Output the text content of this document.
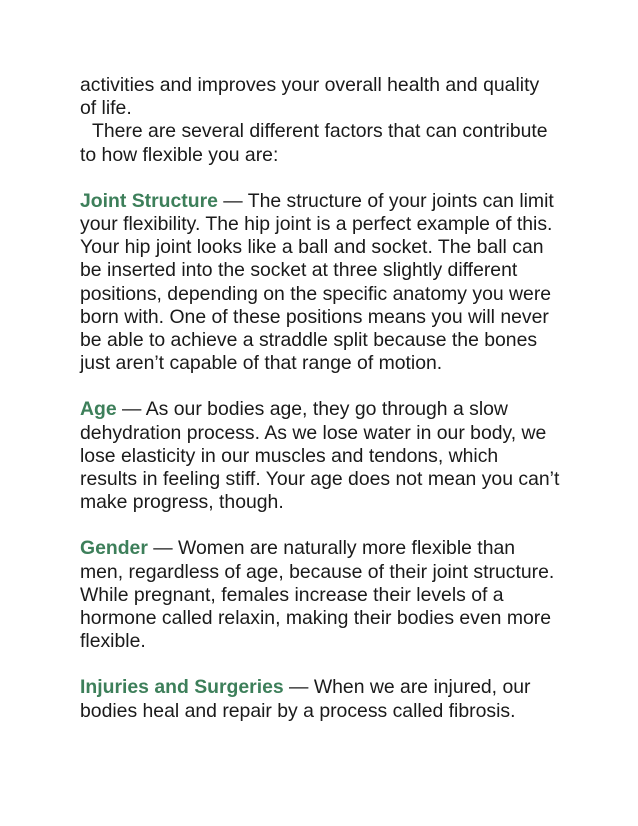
activities and improves your overall health and quality of life.

There are several different factors that can contribute to how flexible you are:

Joint Structure — The structure of your joints can limit your flexibility. The hip joint is a perfect example of this. Your hip joint looks like a ball and socket. The ball can be inserted into the socket at three slightly different positions, depending on the specific anatomy you were born with. One of these positions means you will never be able to achieve a straddle split because the bones just aren’t capable of that range of motion.

Age — As our bodies age, they go through a slow dehydration process. As we lose water in our body, we lose elasticity in our muscles and tendons, which results in feeling stiff. Your age does not mean you can’t make progress, though.

Gender — Women are naturally more flexible than men, regardless of age, because of their joint structure. While pregnant, females increase their levels of a hormone called relaxin, making their bodies even more flexible.

Injuries and Surgeries — When we are injured, our bodies heal and repair by a process called fibrosis.
